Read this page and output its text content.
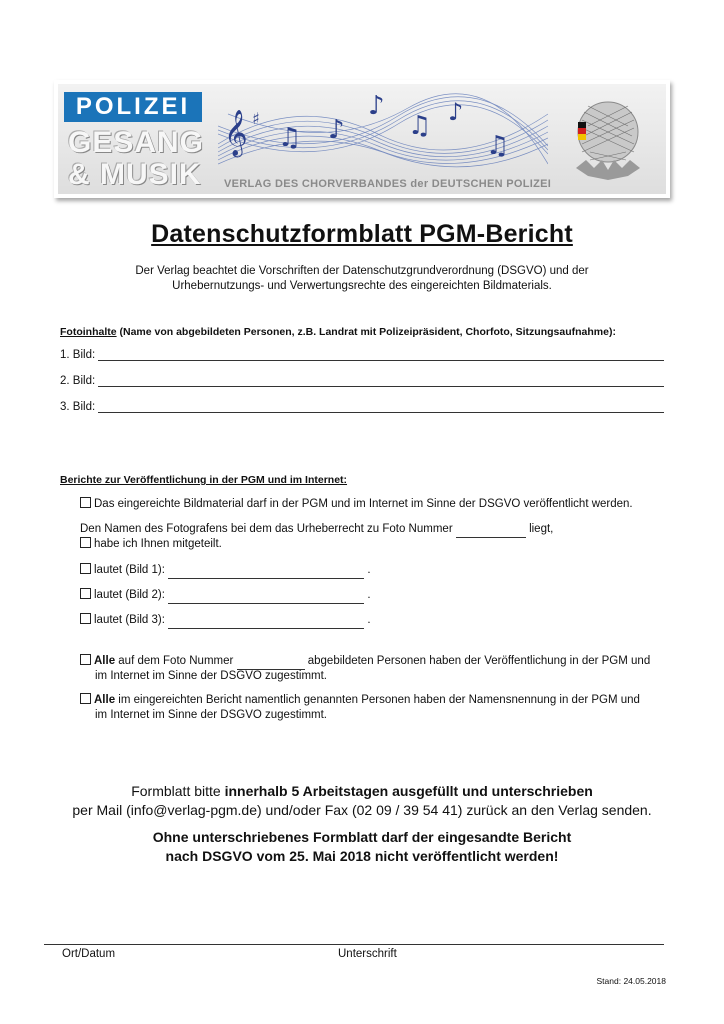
POLIZEI
GESANG
& MUSIK
𝄞 ♯
♫ ♪
♪
♫ ♪
♫
VERLAG DES CHORVERBANDES der DEUTSCHEN POLIZEI
Datenschutzformblatt PGM-Bericht
Der Verlag beachtet die Vorschriften der Datenschutzgrundverordnung (DSGVO) und der
Urhebernutzungs- und Verwertungsrechte des eingereichten Bildmaterials.
Fotoinhalte (Name von abgebildeten Personen, z.B. Landrat mit Polizeipräsident, Chorfoto, Sitzungsaufnahme):
1. Bild:
2. Bild:
3. Bild:
Berichte zur Veröffentlichung in der PGM und im Internet:
Das eingereichte Bildmaterial darf in der PGM und im Internet im Sinne der DSGVO veröffentlicht werden.
Den Namen des Fotografens bei dem das Urheberrecht zu Foto Nummer	liegt,
habe ich Ihnen mitgeteilt.
lautet (Bild 1):	.
lautet (Bild 2):	.
lautet (Bild 3):	.
Alle auf dem Foto Nummer	abgebildeten Personen haben der Veröffentlichung in der PGM und
im Internet im Sinne der DSGVO zugestimmt.
Alle im eingereichten Bericht namentlich genannten Personen haben der Namensnennung in der PGM und
im Internet im Sinne der DSGVO zugestimmt.
Formblatt bitte innerhalb 5 Arbeitstagen ausgefüllt und unterschrieben
per Mail (info@verlag-pgm.de) und/oder Fax (02 09 / 39 54 41) zurück an den Verlag senden.
Ohne unterschriebenes Formblatt darf der eingesandte Bericht
nach DSGVO vom 25. Mai 2018 nicht veröffentlicht werden!
Ort/Datum	Unterschrift
Stand: 24.05.2018
